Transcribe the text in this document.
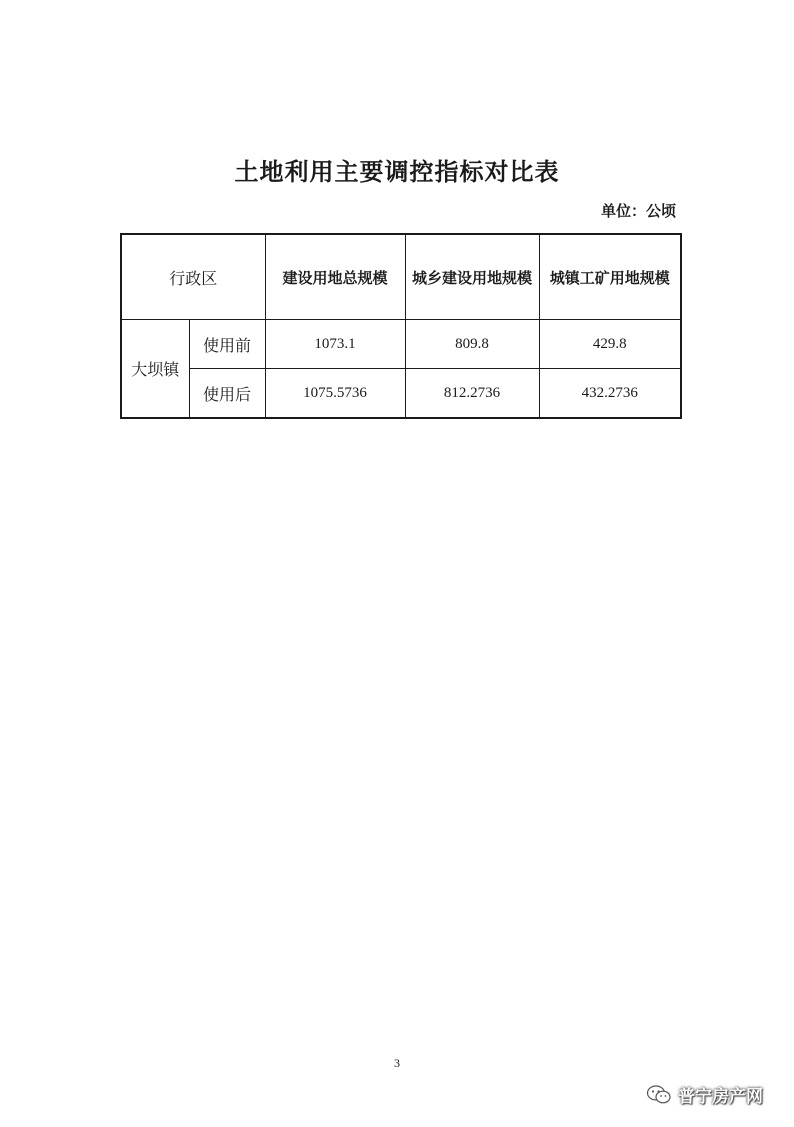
土地利用主要调控指标对比表
单位：公顷
行政区		建设用地总规模	城乡建设用地规模	城镇工矿用地规模
大坝镇	使用前	1073.1	809.8	429.8
	使用后	1075.5736	812.2736	432.2736
3
普宁房产网
